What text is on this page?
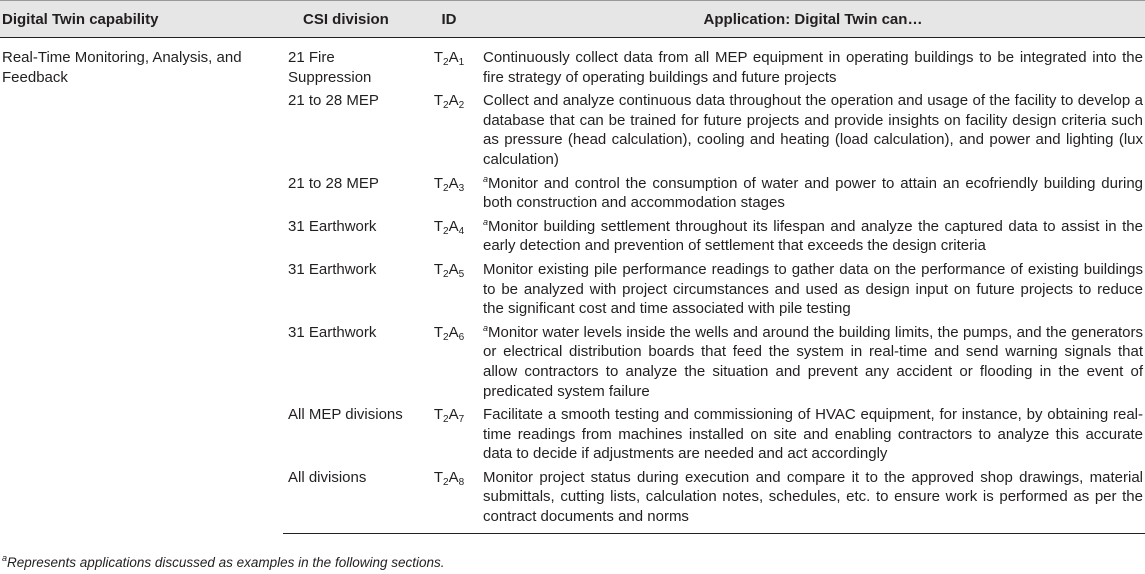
Digital Twin capability	CSI division	ID	Application: Digital Twin can…
Real-Time Monitoring, Analysis, and Feedback	21 Fire Suppression	$T_2A_1$	Continuously collect data from all MEP equipment in operating buildings to be integrated into the fire strategy of operating buildings and future projects
	21 to 28 MEP	$T_2A_2$	Collect and analyze continuous data throughout the operation and usage of the facility to develop a database that can be trained for future projects and provide insights on facility design criteria such as pressure (head calculation), cooling and heating (load calculation), and power and lighting (lux calculation)
	21 to 28 MEP	$T_2A_3$	$^a$Monitor and control the consumption of water and power to attain an ecofriendly building during both construction and accommodation stages
	31 Earthwork	$T_2A_4$	$^a$Monitor building settlement throughout its lifespan and analyze the captured data to assist in the early detection and prevention of settlement that exceeds the design criteria
	31 Earthwork	$T_2A_5$	Monitor existing pile performance readings to gather data on the performance of existing buildings to be analyzed with project circumstances and used as design input on future projects to reduce the significant cost and time associated with pile testing
	31 Earthwork	$T_2A_6$	$^a$Monitor water levels inside the wells and around the building limits, the pumps, and the generators or electrical distribution boards that feed the system in real-time and send warning signals that allow contractors to analyze the situation and prevent any accident or flooding in the event of predicated system failure
	All MEP divisions	$T_2A_7$	Facilitate a smooth testing and commissioning of HVAC equipment, for instance, by obtaining real-time readings from machines installed on site and enabling contractors to analyze this accurate data to decide if adjustments are needed and act accordingly
	All divisions	$T_2A_8$	Monitor project status during execution and compare it to the approved shop drawings, material submittals, cutting lists, calculation notes, schedules, etc. to ensure work is performed as per the contract documents and norms
$^a$Represents applications discussed as examples in the following sections.
